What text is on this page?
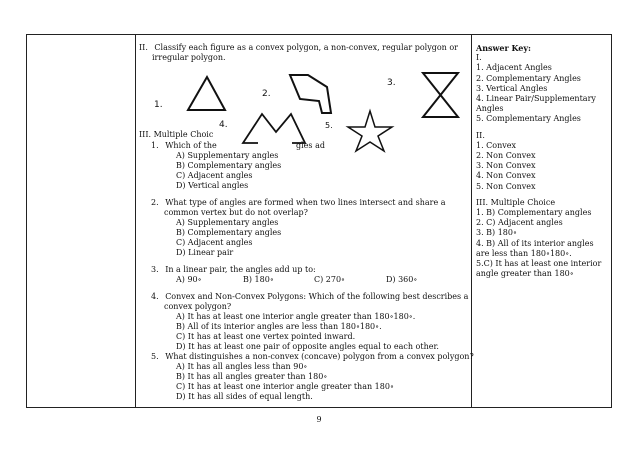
II. Classify each figure as a convex polygon, a non-convex, regular polygon or
irregular polygon.
1.
2.
3.
4.	5.
III. Multiple Choic
1. Which of the	gles ad
A) Supplementary angles
B) Complementary angles
C) Adjacent angles
D) Vertical angles
2. What type of angles are formed when two lines intersect and share a
common vertex but do not overlap?
A) Supplementary angles
B) Complementary angles
C) Adjacent angles
D) Linear pair
3. In a linear pair, the angles add up to:
A) 90∘	B) 180∘	C) 270∘	D) 360∘
4. Convex and Non-Convex Polygons: Which of the following best describes a
convex polygon?
A) It has at least one interior angle greater than 180∘180∘.
B) All of its interior angles are less than 180∘180∘.
C) It has at least one vertex pointed inward.
D) It has at least one pair of opposite angles equal to each other.
5. What distinguishes a non-convex (concave) polygon from a convex polygon?
A) It has all angles less than 90∘
B) It has all angles greater than 180∘
C) It has at least one interior angle greater than 180∘
D) It has all sides of equal length.
Answer Key:
I.
1. Adjacent Angles
2. Complementary Angles
3. Vertical Angles
4. Linear Pair/Supplementary Angles
5. Complementary Angles
II.
1. Convex
2. Non Convex
3. Non Convex
4. Non Convex
5. Non Convex
III. Multiple Choice
1. B) Complementary angles
2. C) Adjacent angles
3. B) 180∘
4. B) All of its interior angles are less than 180∘180∘.
5.C) It has at least one interior angle greater than 180∘
9
